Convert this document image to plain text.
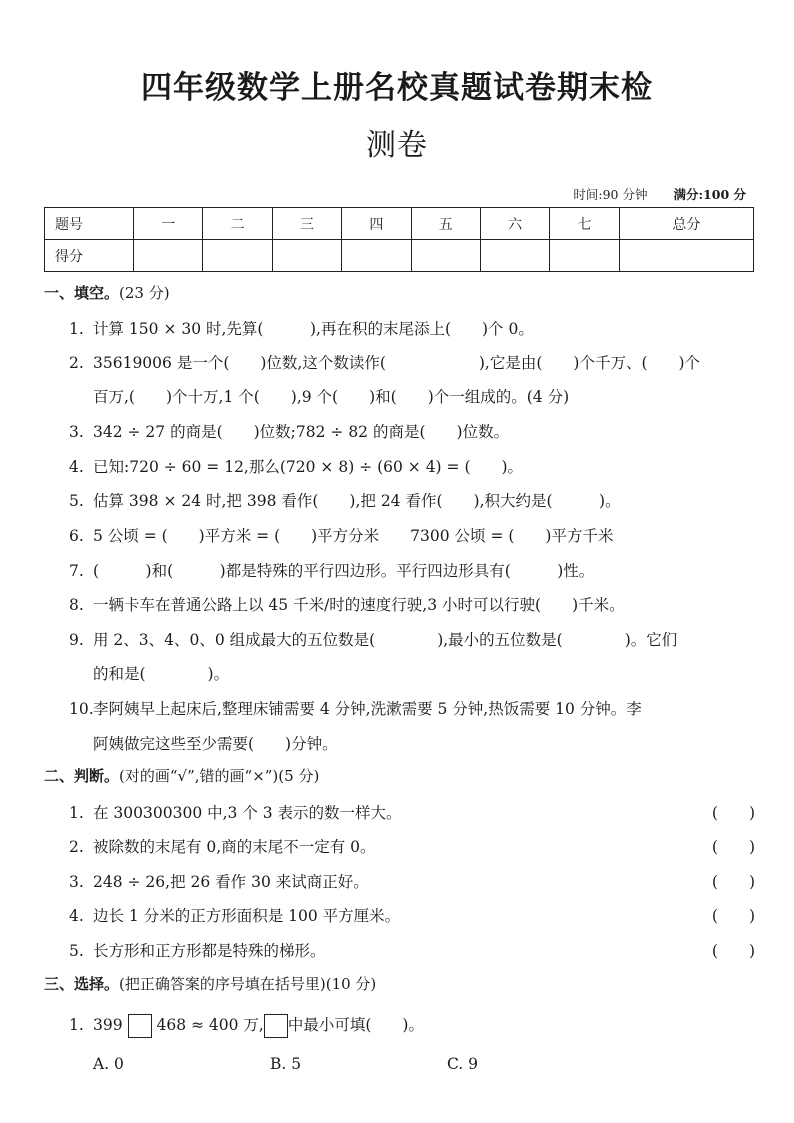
四年级数学上册名校真题试卷期末检
测卷
时间:90 分钟 满分:100 分
题号	一	二	三	四	五	六	七	总分
得分								
一、填空。(23 分)
1. 计算 150 × 30 时,先算(　　　),再在积的末尾添上(　　)个 0。
2. 35619006 是一个(　　)位数,这个数读作(　　　　　　),它是由(　　)个千万、(　　)个
百万,(　　)个十万,1 个(　　),9 个(　　)和(　　)个一组成的。(4 分)
3. 342 ÷ 27 的商是(　　)位数;782 ÷ 82 的商是(　　)位数。
4. 已知:720 ÷ 60 = 12,那么(720 × 8) ÷ (60 × 4) = (　　)。
5. 估算 398 × 24 时,把 398 看作(　　),把 24 看作(　　),积大约是(　　　)。
6. 5 公顷 = (　　)平方米 = (　　)平方分米　　7300 公顷 = (　　)平方千米
7. (　　　)和(　　　)都是特殊的平行四边形。平行四边形具有(　　　)性。
8. 一辆卡车在普通公路上以 45 千米/时的速度行驶,3 小时可以行驶(　　)千米。
9. 用 2、3、4、0、0 组成最大的五位数是(　　　　),最小的五位数是(　　　　)。它们
的和是(　　　　)。
10.李阿姨早上起床后,整理床铺需要 4 分钟,洗漱需要 5 分钟,热饭需要 10 分钟。李
阿姨做完这些至少需要(　　)分钟。
二、判断。(对的画“√”,错的画“×”)(5 分)
1. 在 300300300 中,3 个 3 表示的数一样大。	(　　)
2. 被除数的末尾有 0,商的末尾不一定有 0。	(　　)
3. 248 ÷ 26,把 26 看作 30 来试商正好。	(　　)
4. 边长 1 分米的正方形面积是 100 平方厘米。	(　　)
5. 长方形和正方形都是特殊的梯形。	(　　)
三、选择。(把正确答案的序号填在括号里)(10 分)
1. 399 468 ≈ 400 万, 中最小可填(　　)。
A. 0	B. 5	C. 9
